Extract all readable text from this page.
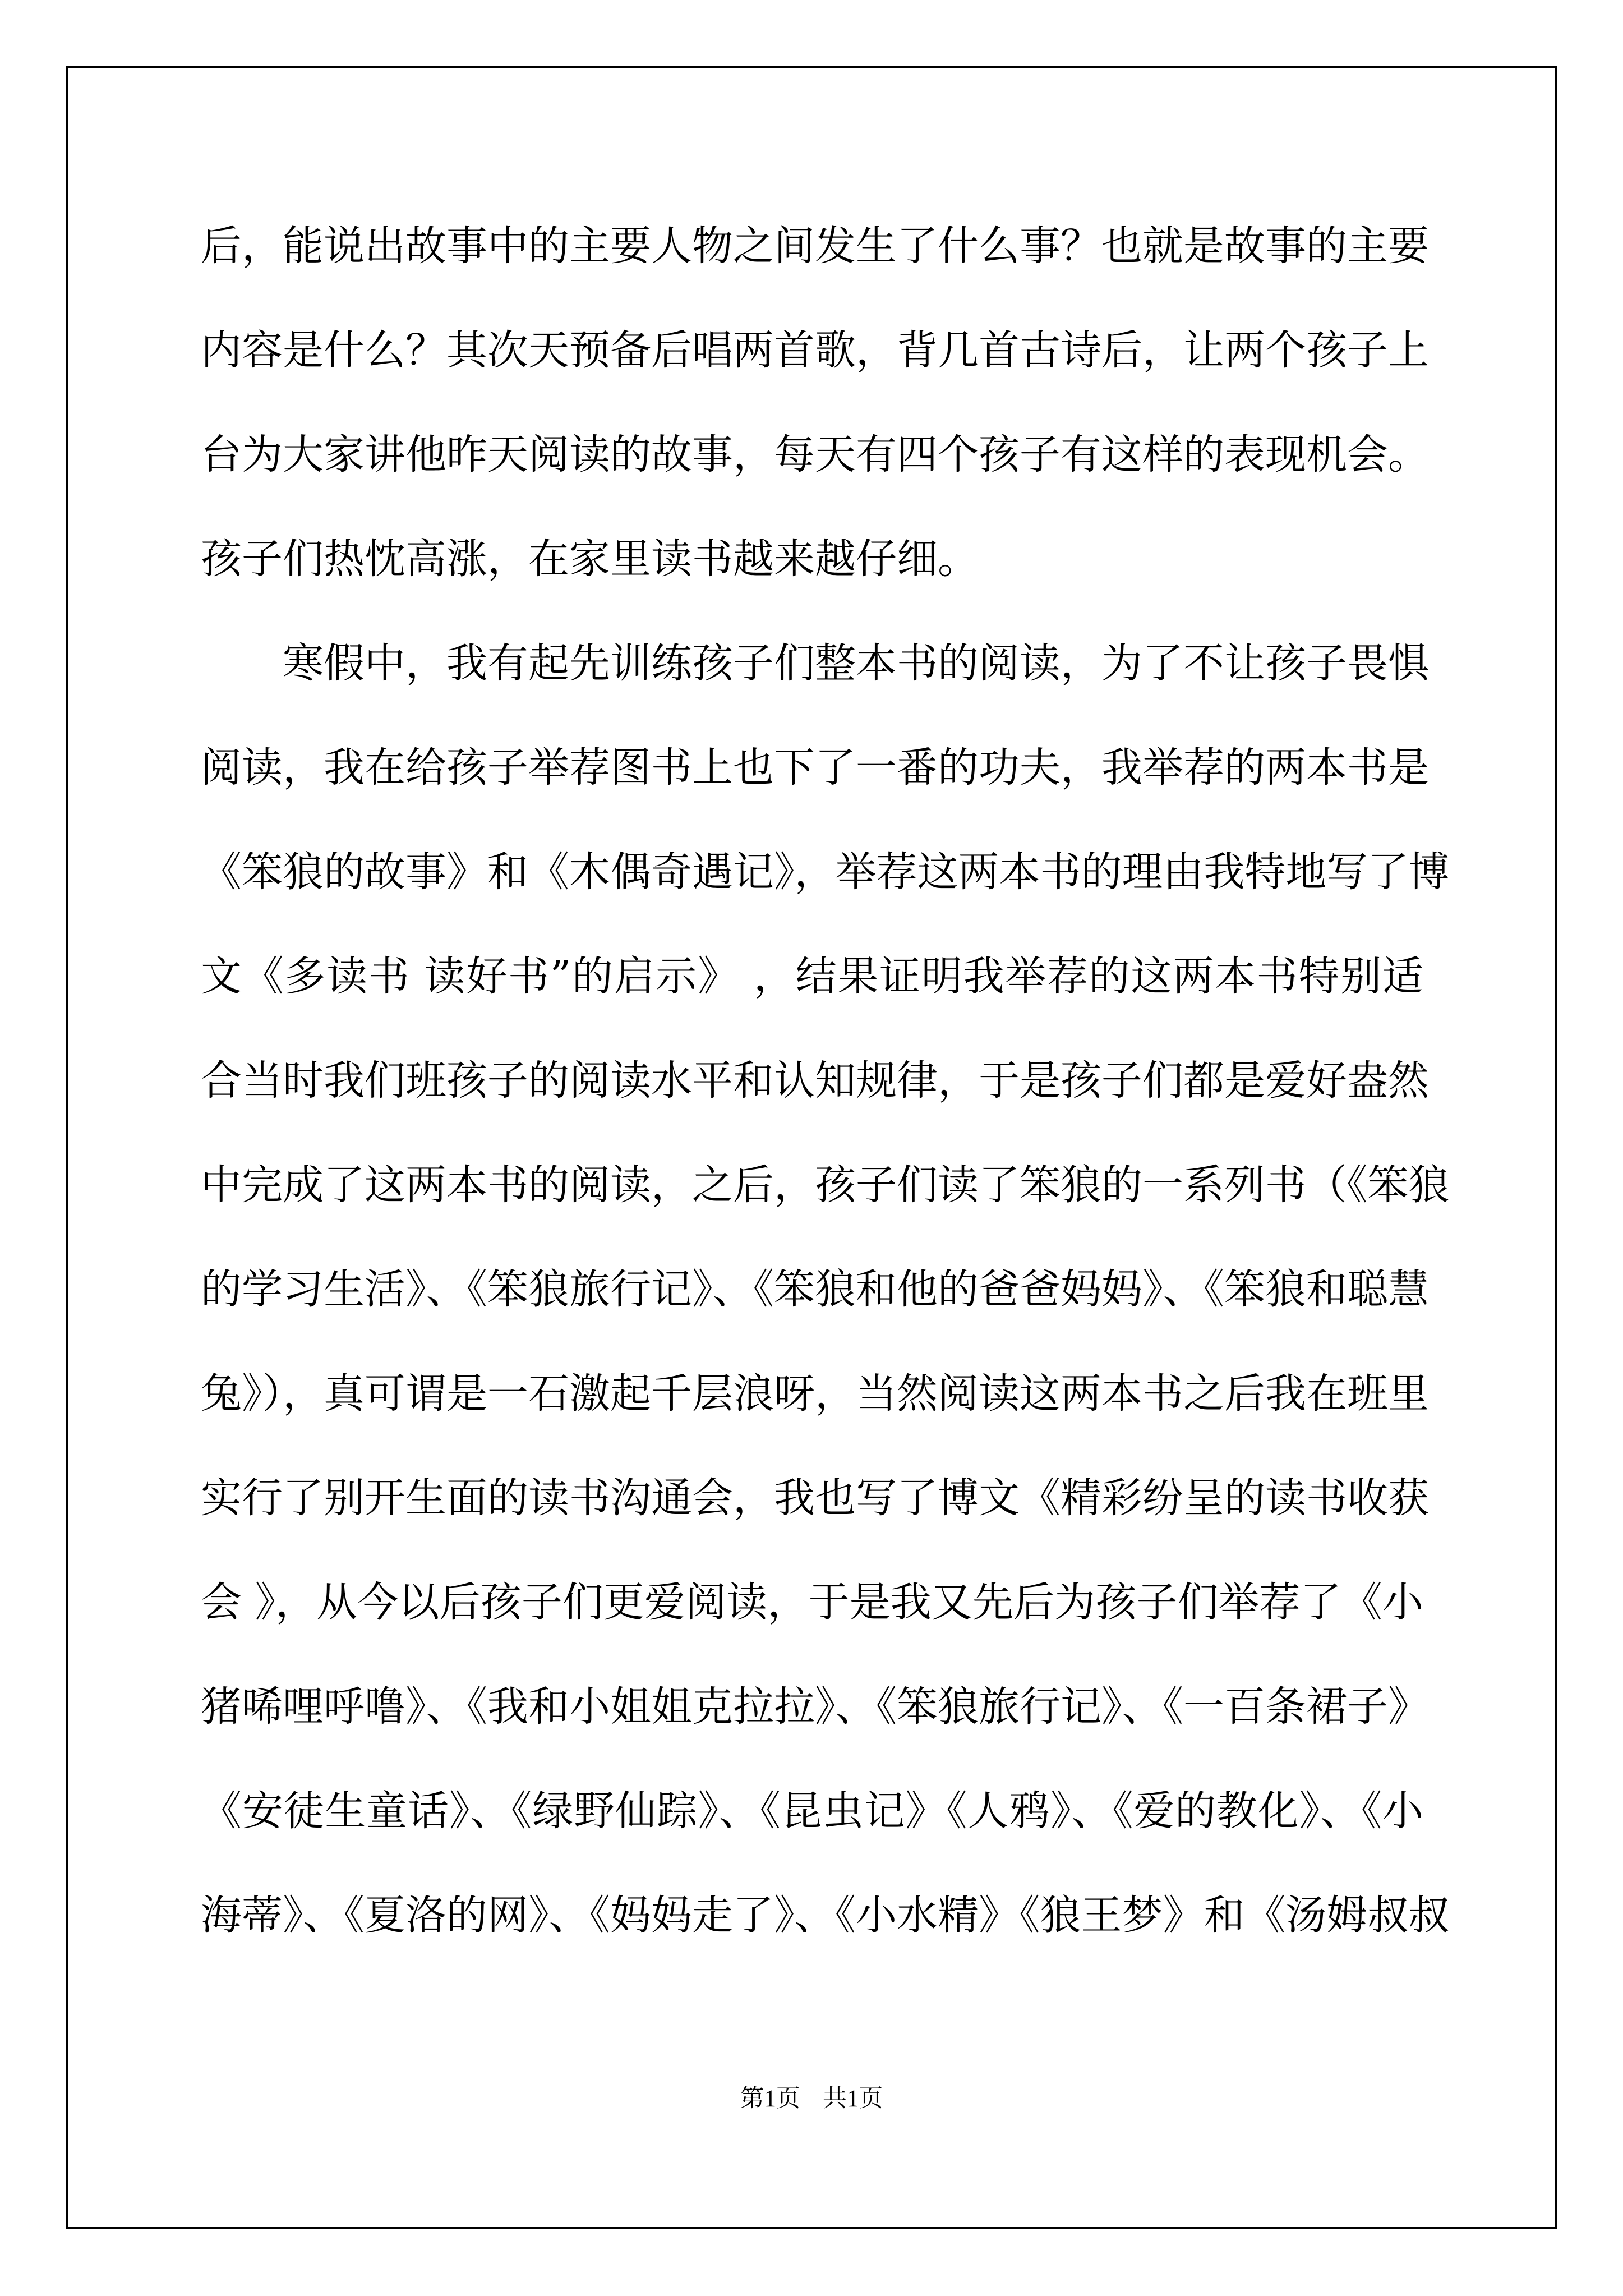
后，能说出故事中的主要人物之间发生了什么事？也就是故事的主要
内容是什么？其次天预备后唱两首歌，背几首古诗后，让两个孩子上
台为大家讲他昨天阅读的故事，每天有四个孩子有这样的表现机会。
孩子们热忱高涨，在家里读书越来越仔细。
　　寒假中，我有起先训练孩子们整本书的阅读，为了不让孩子畏惧
阅读，我在给孩子举荐图书上也下了一番的功夫，我举荐的两本书是
《笨狼的故事》和《木偶奇遇记》，举荐这两本书的理由我特地写了博
文《多读书 读好书”的启示》 ，结果证明我举荐的这两本书特别适
合当时我们班孩子的阅读水平和认知规律，于是孩子们都是爱好盎然
中完成了这两本书的阅读，之后，孩子们读了笨狼的一系列书（《笨狼
的学习生活》、《笨狼旅行记》、《笨狼和他的爸爸妈妈》、《笨狼和聪慧
兔》），真可谓是一石激起千层浪呀，当然阅读这两本书之后我在班里
实行了别开生面的读书沟通会，我也写了博文《精彩纷呈的读书收获
会 》，从今以后孩子们更爱阅读，于是我又先后为孩子们举荐了《小
猪唏哩呼噜》、《我和小姐姐克拉拉》、《笨狼旅行记》、《一百条裙子》
《安徒生童话》、《绿野仙踪》、《昆虫记》《人鸦》、《爱的教化》、《小
海蒂》、《夏洛的网》、《妈妈走了》、《小水精》《狼王梦》和《汤姆叔叔
第1页 共1页
